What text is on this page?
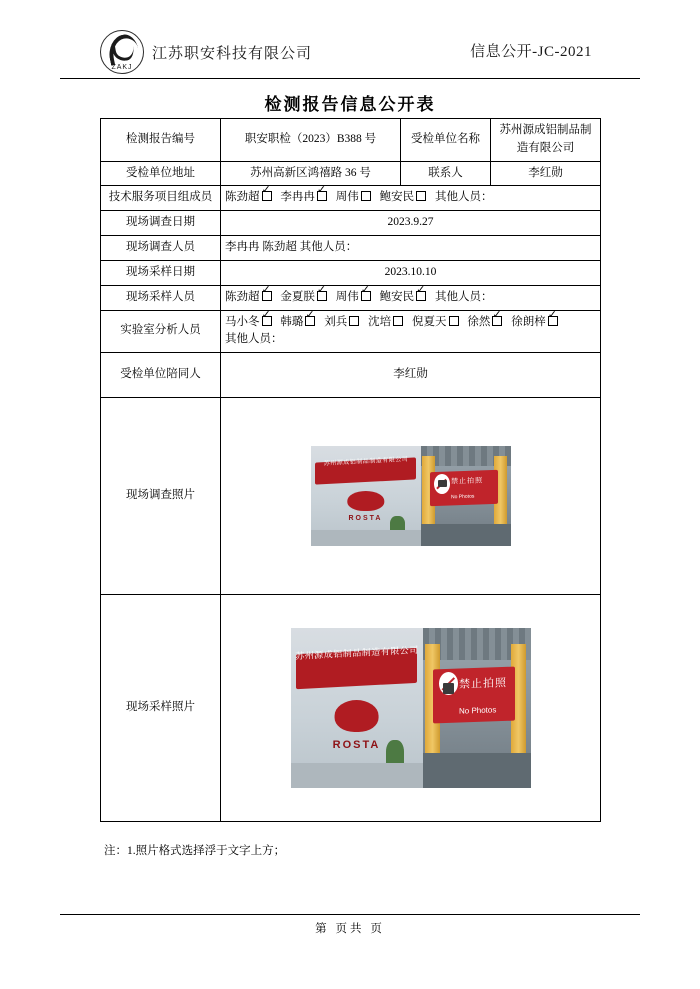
ZAKJ
江苏职安科技有限公司	信息公开-JC-2021
检测报告信息公开表
检测报告编号	职安职检（2023）B388 号	受检单位名称	苏州源成铝制品制造有限公司
受检单位地址	苏州高新区鸿禧路 36 号	联系人	李红勋
技术服务项目组成员	陈劲超 ✓ 李冉冉 ✓ 周伟 鲍安民 其他人员：
现场调查日期	2023.9.27		
现场调查人员	李冉冉 陈劲超 其他人员：		
现场采样日期	2023.10.10		
现场采样人员	陈劲超 ✓ 金夏朕 ✓ 周伟 ✓ 鲍安民 ✓ 其他人员：
实验室分析人员	马小冬 ✓ 韩璐 ✓ 刘兵 沈培 倪夏天 徐然✓ 徐朗梓✓
其他人员：

受检单位陪同人	李红勋		
现场调查照片	苏州源成铝制品制造有限公司
ROSTA
禁止拍照
No Photos		

现场采样照片	苏州源成铝制品制造有限公司
ROSTA
禁止拍照
No Photos		
注：1.照片格式选择浮于文字上方；
第 页共 页
